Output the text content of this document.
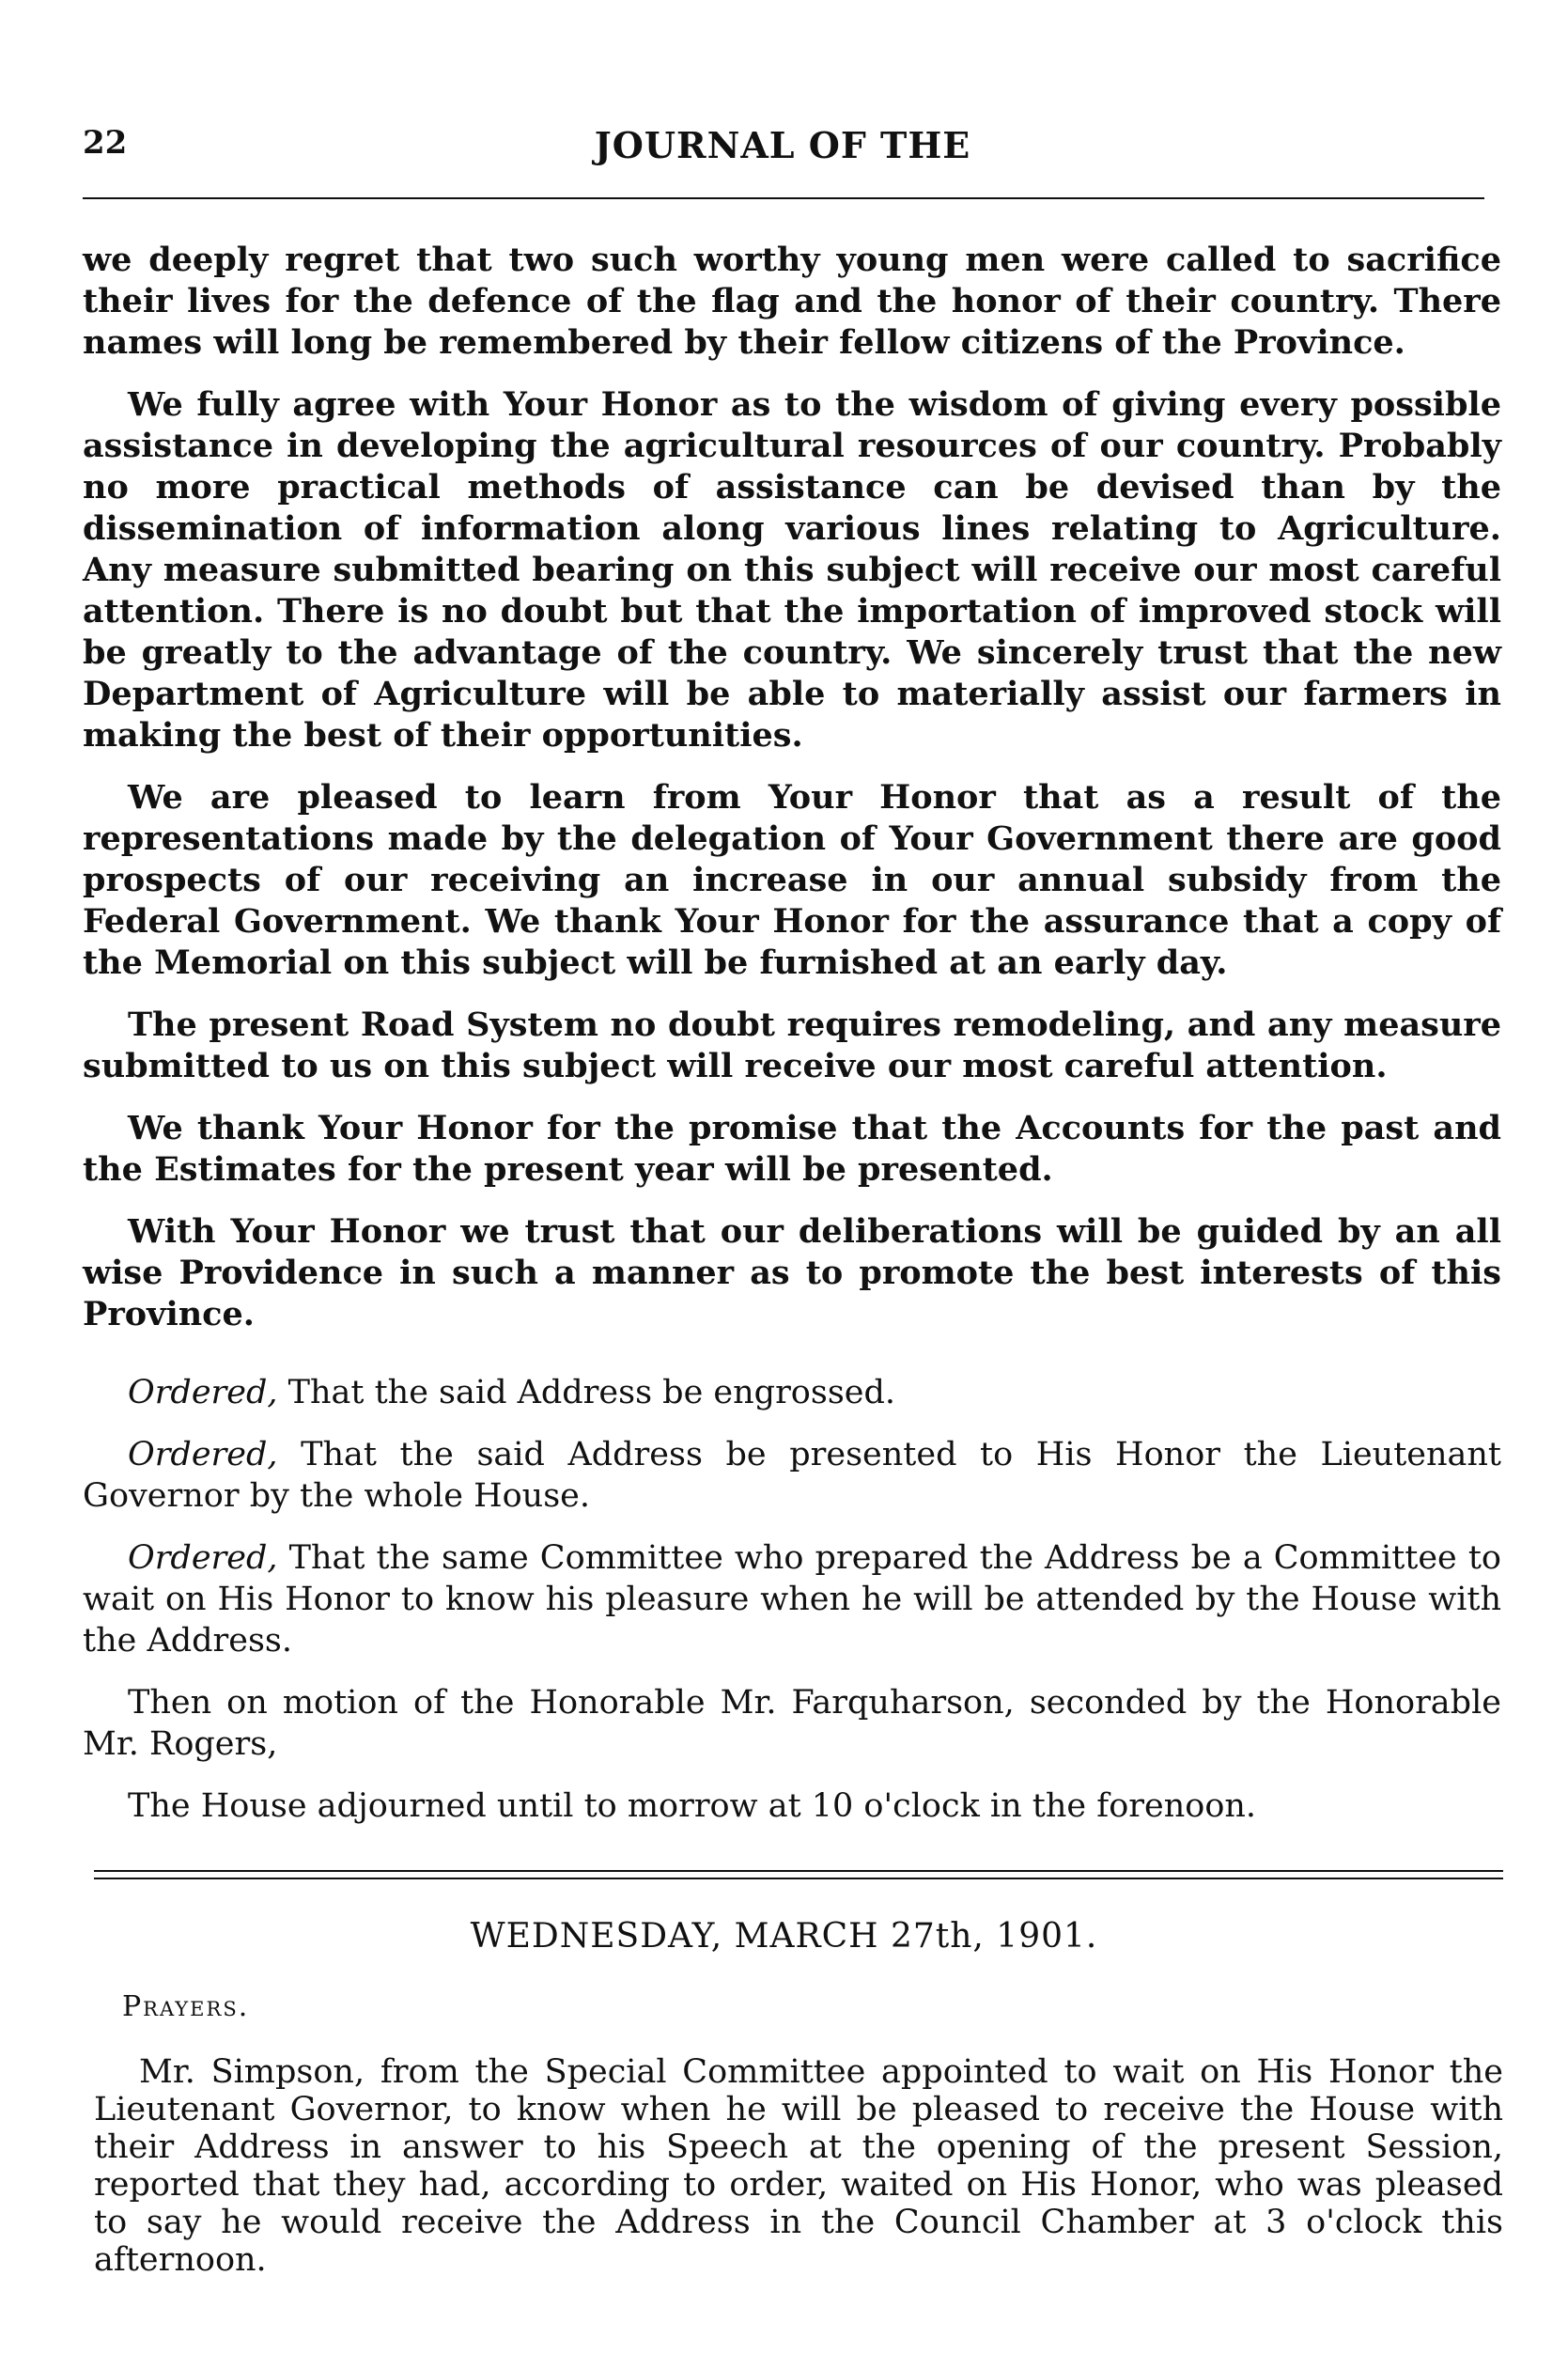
22	JOURNAL OF THE

we deeply regret that two such worthy young men were called to sacrifice their lives for the defence of the flag and the honor of their country. There names will long be remembered by their fellow citizens of the Province.

We fully agree with Your Honor as to the wisdom of giving every possible assistance in developing the agricultural resources of our country. Probably no more practical methods of assistance can be devised than by the dissemination of information along various lines relating to Agriculture. Any measure submitted bearing on this subject will receive our most careful attention. There is no doubt but that the importation of improved stock will be greatly to the advantage of the country. We sincerely trust that the new Department of Agriculture will be able to materially assist our farmers in making the best of their opportunities.

We are pleased to learn from Your Honor that as a result of the representations made by the delegation of Your Government there are good prospects of our receiving an increase in our annual subsidy from the Federal Government. We thank Your Honor for the assurance that a copy of the Memorial on this subject will be furnished at an early day.

The present Road System no doubt requires remodeling, and any measure submitted to us on this subject will receive our most careful attention.

We thank Your Honor for the promise that the Accounts for the past and the Estimates for the present year will be presented.

With Your Honor we trust that our deliberations will be guided by an all wise Providence in such a manner as to promote the best interests of this Province.

Ordered, That the said Address be engrossed.

Ordered, That the said Address be presented to His Honor the Lieutenant Governor by the whole House.

Ordered, That the same Committee who prepared the Address be a Committee to wait on His Honor to know his pleasure when he will be attended by the House with the Address.

Then on motion of the Honorable Mr. Farquharson, seconded by the Honorable Mr. Rogers,

The House adjourned until to morrow at 10 o'clock in the forenoon.

WEDNESDAY, MARCH 27th, 1901.
Prayers.
Mr. Simpson, from the Special Committee appointed to wait on His Honor the Lieutenant Governor, to know when he will be pleased to receive the House with their Address in answer to his Speech at the opening of the present Session, reported that they had, according to order, waited on His Honor, who was pleased to say he would receive the Address in the Council Chamber at 3 o'clock this afternoon.
